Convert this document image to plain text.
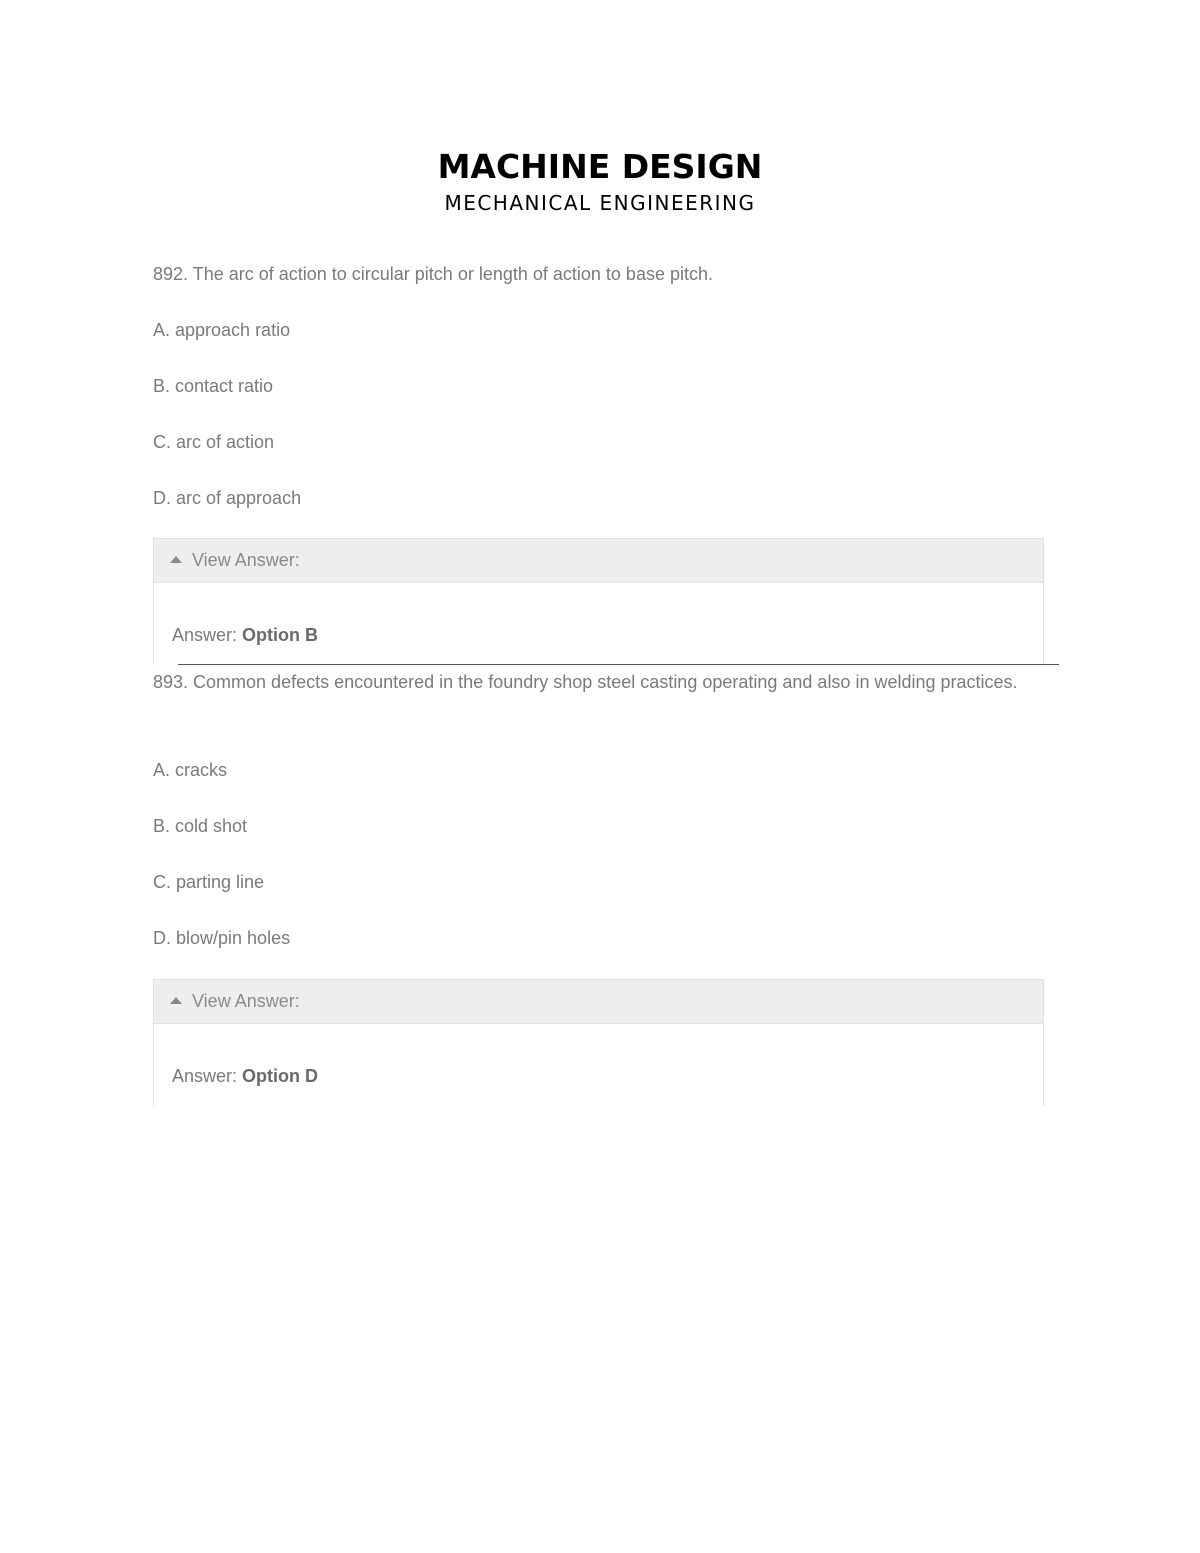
MACHINE DESIGN
MECHANICAL ENGINEERING
892. The arc of action to circular pitch or length of action to base pitch.
A. approach ratio
B. contact ratio
C. arc of action
D. arc of approach
View Answer:
Answer: Option B
893. Common defects encountered in the foundry shop steel casting operating and also in welding practices.
A. cracks
B. cold shot
C. parting line
D. blow/pin holes
View Answer:
Answer: Option D
